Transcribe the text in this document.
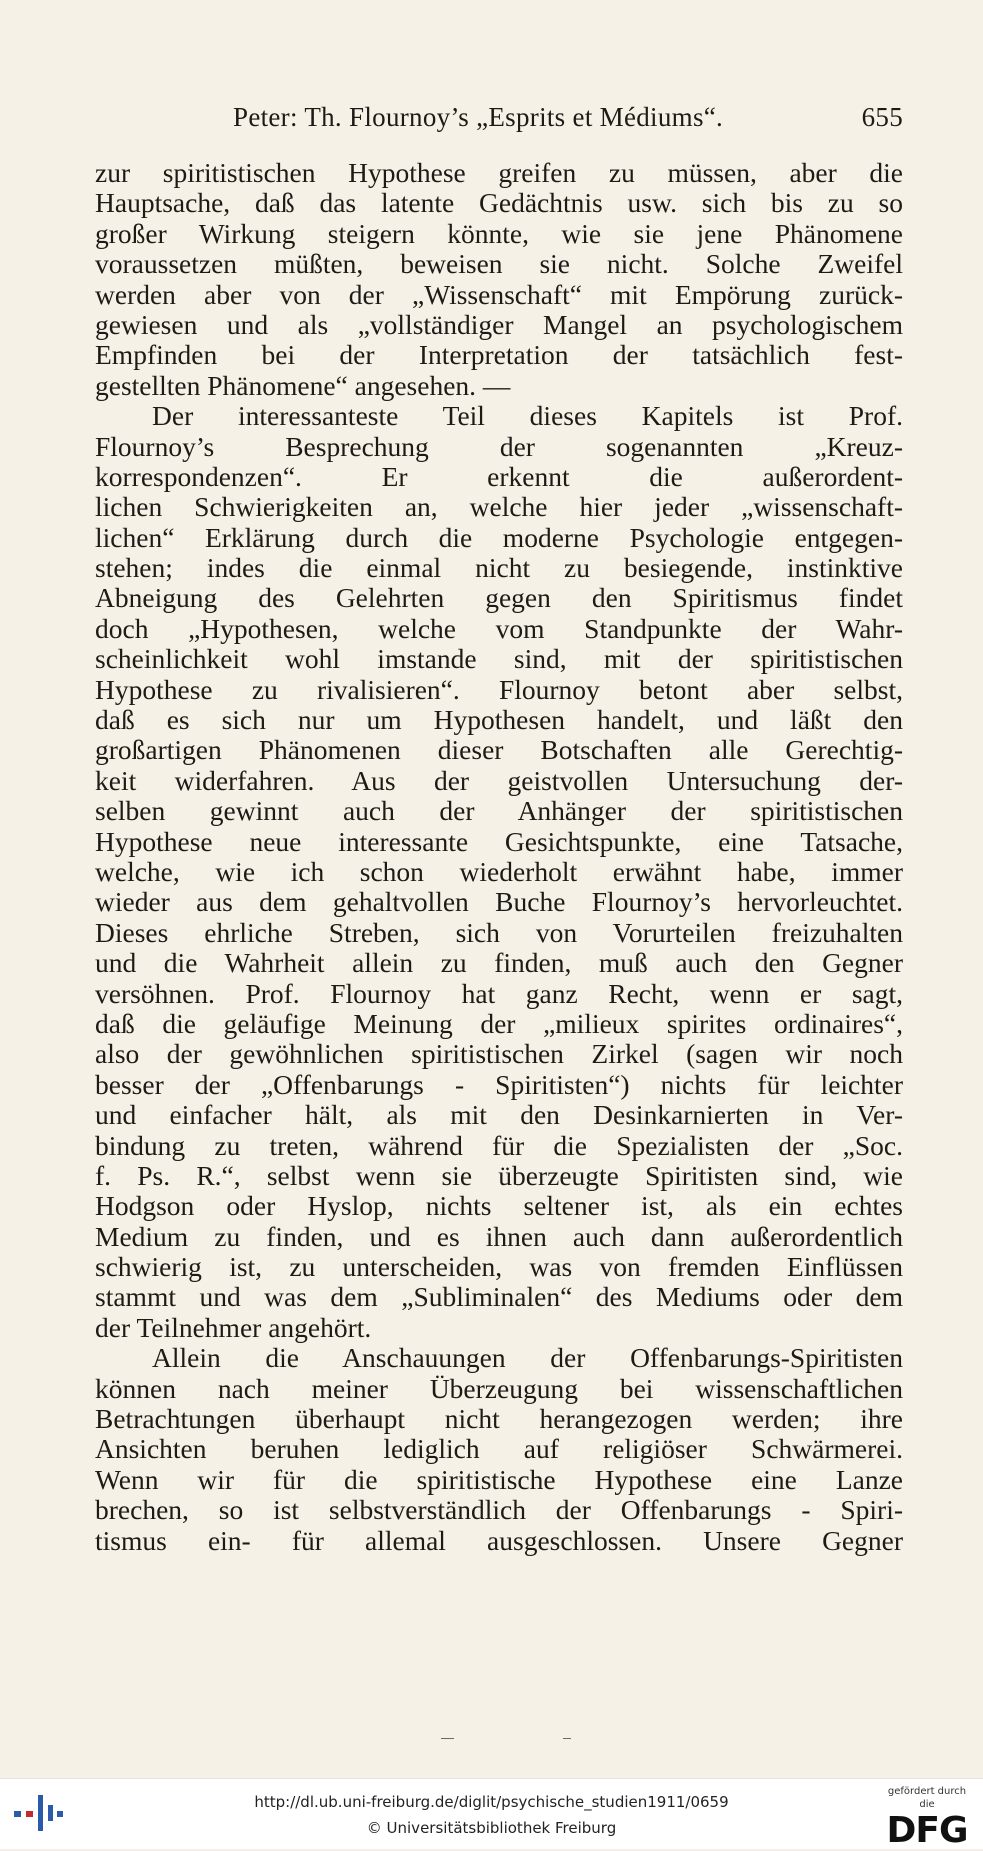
Peter: Th. Flournoy’s „Esprits et Médiums“.	655

zur spiritistischen Hypothese greifen zu müssen, aber die
Hauptsache, daß das latente Gedächtnis usw. sich bis zu so
großer Wirkung steigern könnte, wie sie jene Phänomene
voraussetzen müßten, beweisen sie nicht. Solche Zweifel
werden aber von der „Wissenschaft“ mit Empörung zurück-
gewiesen und als „vollständiger Mangel an psychologischem
Empfinden bei der Interpretation der tatsächlich fest-
gestellten Phänomene“ angesehen. —

Der interessanteste Teil dieses Kapitels ist Prof.
Flournoy’s Besprechung der sogenannten „Kreuz-
korrespondenzen“. Er erkennt die außerordent-
lichen Schwierigkeiten an, welche hier jeder „wissenschaft-
lichen“ Erklärung durch die moderne Psychologie entgegen-
stehen; indes die einmal nicht zu besiegende, instinktive
Abneigung des Gelehrten gegen den Spiritismus findet
doch „Hypothesen, welche vom Standpunkte der Wahr-
scheinlichkeit wohl imstande sind, mit der spiritistischen
Hypothese zu rivalisieren“. Flournoy betont aber selbst,
daß es sich nur um Hypothesen handelt, und läßt den
großartigen Phänomenen dieser Botschaften alle Gerechtig-
keit widerfahren. Aus der geistvollen Untersuchung der-
selben gewinnt auch der Anhänger der spiritistischen
Hypothese neue interessante Gesichtspunkte, eine Tatsache,
welche, wie ich schon wiederholt erwähnt habe, immer
wieder aus dem gehaltvollen Buche Flournoy’s hervorleuchtet.
Dieses ehrliche Streben, sich von Vorurteilen freizuhalten
und die Wahrheit allein zu finden, muß auch den Gegner
versöhnen. Prof. Flournoy hat ganz Recht, wenn er sagt,
daß die geläufige Meinung der „milieux spirites ordinaires“,
also der gewöhnlichen spiritistischen Zirkel (sagen wir noch
besser der „Offenbarungs - Spiritisten“) nichts für leichter
und einfacher hält, als mit den Desinkarnierten in Ver-
bindung zu treten, während für die Spezialisten der „Soc.
f. Ps. R.“, selbst wenn sie überzeugte Spiritisten sind, wie
Hodgson oder Hyslop, nichts seltener ist, als ein echtes
Medium zu finden, und es ihnen auch dann außerordentlich
schwierig ist, zu unterscheiden, was von fremden Einflüssen
stammt und was dem „Subliminalen“ des Mediums oder dem
der Teilnehmer angehört.

Allein die Anschauungen der Offenbarungs-Spiritisten
können nach meiner Überzeugung bei wissenschaftlichen
Betrachtungen überhaupt nicht herangezogen werden; ihre
Ansichten beruhen lediglich auf religiöser Schwärmerei.
Wenn wir für die spiritistische Hypothese eine Lanze
brechen, so ist selbstverständlich der Offenbarungs - Spiri-
tismus ein- für allemal ausgeschlossen. Unsere Gegner

http://dl.ub.uni-freiburg.de/diglit/psychische_studien1911/0659
© Universitätsbibliothek Freiburg
gefördert durch die
DFG
